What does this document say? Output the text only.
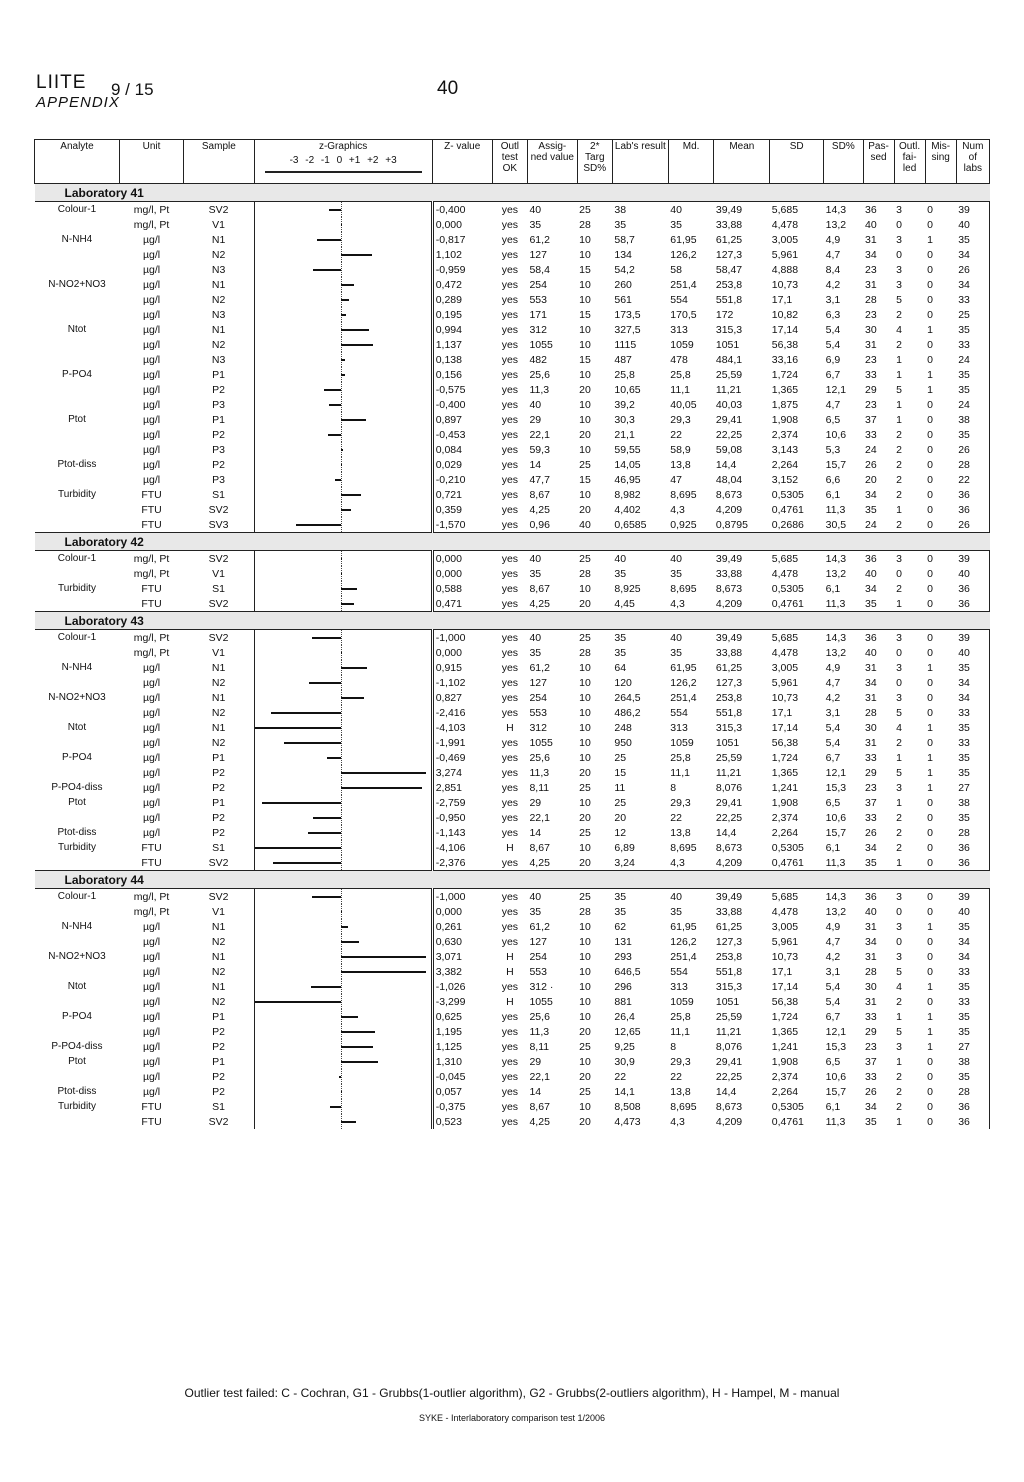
LIITE
APPENDIX
9 / 15	40
Analyte	Unit	Sample	z-Graphics
-3 -2 -1 0 +1 +2 +3	Z- value	Outl test OK	Assig- ned value	2* Targ SD%	Lab's result	Md.	Mean	SD	SD%	Pas- sed	Outl. fai- led	Mis- sing	Num of labs
Laboratory 41																
Colour-1	mg/l, Pt	SV2		-0,400	yes	40	25	38	40	39,49	5,685	14,3	36	3	0	39
	mg/l, Pt	V1		0,000	yes	35	28	35	35	33,88	4,478	13,2	40	0	0	40
N-NH4	µg/l	N1		-0,817	yes	61,2	10	58,7	61,95	61,25	3,005	4,9	31	3	1	35
	µg/l	N2		1,102	yes	127	10	134	126,2	127,3	5,961	4,7	34	0	0	34
	µg/l	N3		-0,959	yes	58,4	15	54,2	58	58,47	4,888	8,4	23	3	0	26
N-NO2+NO3	µg/l	N1		0,472	yes	254	10	260	251,4	253,8	10,73	4,2	31	3	0	34
	µg/l	N2		0,289	yes	553	10	561	554	551,8	17,1	3,1	28	5	0	33
	µg/l	N3		0,195	yes	171	15	173,5	170,5	172	10,82	6,3	23	2	0	25
Ntot	µg/l	N1		0,994	yes	312	10	327,5	313	315,3	17,14	5,4	30	4	1	35
	µg/l	N2		1,137	yes	1055	10	1115	1059	1051	56,38	5,4	31	2	0	33
	µg/l	N3		0,138	yes	482	15	487	478	484,1	33,16	6,9	23	1	0	24
P-PO4	µg/l	P1		0,156	yes	25,6	10	25,8	25,8	25,59	1,724	6,7	33	1	1	35
	µg/l	P2		-0,575	yes	11,3	20	10,65	11,1	11,21	1,365	12,1	29	5	1	35
	µg/l	P3		-0,400	yes	40	10	39,2	40,05	40,03	1,875	4,7	23	1	0	24
Ptot	µg/l	P1		0,897	yes	29	10	30,3	29,3	29,41	1,908	6,5	37	1	0	38
	µg/l	P2		-0,453	yes	22,1	20	21,1	22	22,25	2,374	10,6	33	2	0	35
	µg/l	P3		0,084	yes	59,3	10	59,55	58,9	59,08	3,143	5,3	24	2	0	26
Ptot-diss	µg/l	P2		0,029	yes	14	25	14,05	13,8	14,4	2,264	15,7	26	2	0	28
	µg/l	P3		-0,210	yes	47,7	15	46,95	47	48,04	3,152	6,6	20	2	0	22
Turbidity	FTU	S1		0,721	yes	8,67	10	8,982	8,695	8,673	0,5305	6,1	34	2	0	36
	FTU	SV2		0,359	yes	4,25	20	4,402	4,3	4,209	0,4761	11,3	35	1	0	36
	FTU	SV3		-1,570	yes	0,96	40	0,6585	0,925	0,8795	0,2686	30,5	24	2	0	26
Laboratory 42																
Colour-1	mg/l, Pt	SV2		0,000	yes	40	25	40	40	39,49	5,685	14,3	36	3	0	39
	mg/l, Pt	V1		0,000	yes	35	28	35	35	33,88	4,478	13,2	40	0	0	40
Turbidity	FTU	S1		0,588	yes	8,67	10	8,925	8,695	8,673	0,5305	6,1	34	2	0	36
	FTU	SV2		0,471	yes	4,25	20	4,45	4,3	4,209	0,4761	11,3	35	1	0	36
Laboratory 43																
Colour-1	mg/l, Pt	SV2		-1,000	yes	40	25	35	40	39,49	5,685	14,3	36	3	0	39
	mg/l, Pt	V1		0,000	yes	35	28	35	35	33,88	4,478	13,2	40	0	0	40
N-NH4	µg/l	N1		0,915	yes	61,2	10	64	61,95	61,25	3,005	4,9	31	3	1	35
	µg/l	N2		-1,102	yes	127	10	120	126,2	127,3	5,961	4,7	34	0	0	34
N-NO2+NO3	µg/l	N1		0,827	yes	254	10	264,5	251,4	253,8	10,73	4,2	31	3	0	34
	µg/l	N2		-2,416	yes	553	10	486,2	554	551,8	17,1	3,1	28	5	0	33
Ntot	µg/l	N1		-4,103	H	312	10	248	313	315,3	17,14	5,4	30	4	1	35
	µg/l	N2		-1,991	yes	1055	10	950	1059	1051	56,38	5,4	31	2	0	33
P-PO4	µg/l	P1		-0,469	yes	25,6	10	25	25,8	25,59	1,724	6,7	33	1	1	35
	µg/l	P2		3,274	yes	11,3	20	15	11,1	11,21	1,365	12,1	29	5	1	35
P-PO4-diss	µg/l	P2		2,851	yes	8,11	25	11	8	8,076	1,241	15,3	23	3	1	27
Ptot	µg/l	P1		-2,759	yes	29	10	25	29,3	29,41	1,908	6,5	37	1	0	38
	µg/l	P2		-0,950	yes	22,1	20	20	22	22,25	2,374	10,6	33	2	0	35
Ptot-diss	µg/l	P2		-1,143	yes	14	25	12	13,8	14,4	2,264	15,7	26	2	0	28
Turbidity	FTU	S1		-4,106	H	8,67	10	6,89	8,695	8,673	0,5305	6,1	34	2	0	36
	FTU	SV2		-2,376	yes	4,25	20	3,24	4,3	4,209	0,4761	11,3	35	1	0	36
Laboratory 44																
Colour-1	mg/l, Pt	SV2		-1,000	yes	40	25	35	40	39,49	5,685	14,3	36	3	0	39
	mg/l, Pt	V1		0,000	yes	35	28	35	35	33,88	4,478	13,2	40	0	0	40
N-NH4	µg/l	N1		0,261	yes	61,2	10	62	61,95	61,25	3,005	4,9	31	3	1	35
	µg/l	N2		0,630	yes	127	10	131	126,2	127,3	5,961	4,7	34	0	0	34
N-NO2+NO3	µg/l	N1		3,071	H	254	10	293	251,4	253,8	10,73	4,2	31	3	0	34
	µg/l	N2		3,382	H	553	10	646,5	554	551,8	17,1	3,1	28	5	0	33
Ntot	µg/l	N1		-1,026	yes	312 ·	10	296	313	315,3	17,14	5,4	30	4	1	35
	µg/l	N2		-3,299	H	1055	10	881	1059	1051	56,38	5,4	31	2	0	33
P-PO4	µg/l	P1		0,625	yes	25,6	10	26,4	25,8	25,59	1,724	6,7	33	1	1	35
	µg/l	P2		1,195	yes	11,3	20	12,65	11,1	11,21	1,365	12,1	29	5	1	35
P-PO4-diss	µg/l	P2		1,125	yes	8,11	25	9,25	8	8,076	1,241	15,3	23	3	1	27
Ptot	µg/l	P1		1,310	yes	29	10	30,9	29,3	29,41	1,908	6,5	37	1	0	38
	µg/l	P2		-0,045	yes	22,1	20	22	22	22,25	2,374	10,6	33	2	0	35
Ptot-diss	µg/l	P2		0,057	yes	14	25	14,1	13,8	14,4	2,264	15,7	26	2	0	28
Turbidity	FTU	S1		-0,375	yes	8,67	10	8,508	8,695	8,673	0,5305	6,1	34	2	0	36
	FTU	SV2		0,523	yes	4,25	20	4,473	4,3	4,209	0,4761	11,3	35	1	0	36
Outlier test failed: C - Cochran, G1 - Grubbs(1-outlier algorithm), G2 - Grubbs(2-outliers algorithm), H - Hampel, M - manual
SYKE - Interlaboratory comparison test 1/2006
